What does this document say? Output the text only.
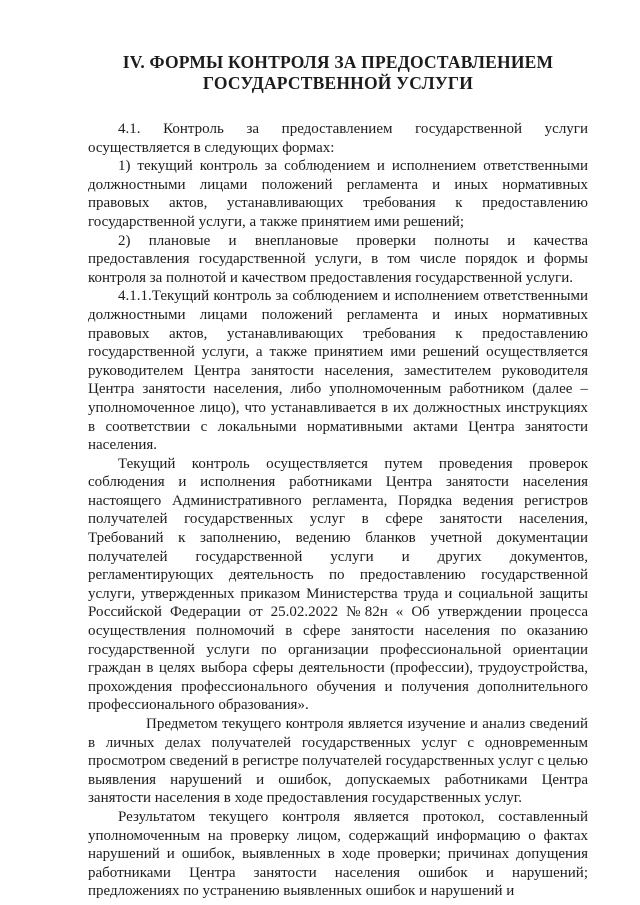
IV. ФОРМЫ КОНТРОЛЯ ЗА ПРЕДОСТАВЛЕНИЕМ
ГОСУДАРСТВЕННОЙ УСЛУГИ

4.1. Контроль за предоставлением государственной услуги осуществляется в следующих формах:

1) текущий контроль за соблюдением и исполнением ответственными должностными лицами положений регламента и иных нормативных правовых актов, устанавливающих требования к предоставлению государственной услуги, а также принятием ими решений;

2) плановые и внеплановые проверки полноты и качества предоставления государственной услуги, в том числе порядок и формы контроля за полнотой и качеством предоставления государственной услуги.

4.1.1.Текущий контроль за соблюдением и исполнением ответственными должностными лицами положений регламента и иных нормативных правовых актов, устанавливающих требования к предоставлению государственной услуги, а также принятием ими решений осуществляется руководителем Центра занятости населения, заместителем руководителя Центра занятости населения, либо уполномоченным работником (далее – уполномоченное лицо), что устанавливается в их должностных инструкциях в соответствии с локальными нормативными актами Центра занятости населения.

Текущий контроль осуществляется путем проведения проверок соблюдения и исполнения работниками Центра занятости населения настоящего Административного регламента, Порядка ведения регистров получателей государственных услуг в сфере занятости населения, Требований к заполнению, ведению бланков учетной документации получателей государственной услуги и других документов, регламентирующих деятельность по предоставлению государственной услуги, утвержденных приказом Министерства труда и социальной защиты Российской Федерации от 25.02.2022 №82н « Об утверждении процесса осуществления полномочий в сфере занятости населения по оказанию государственной услуги по организации профессиональной ориентации граждан в целях выбора сферы деятельности (профессии), трудоустройства, прохождения профессионального обучения и получения дополнительного профессионального образования».

Предметом текущего контроля является изучение и анализ сведений в личных делах получателей государственных услуг с одновременным просмотром сведений в регистре получателей государственных услуг с целью выявления нарушений и ошибок, допускаемых работниками Центра занятости населения в ходе предоставления государственных услуг.

Результатом текущего контроля является протокол, составленный уполномоченным на проверку лицом, содержащий информацию о фактах нарушений и ошибок, выявленных в ходе проверки; причинах допущения работниками Центра занятости населения ошибок и нарушений; предложениях по устранению выявленных ошибок и нарушений и
